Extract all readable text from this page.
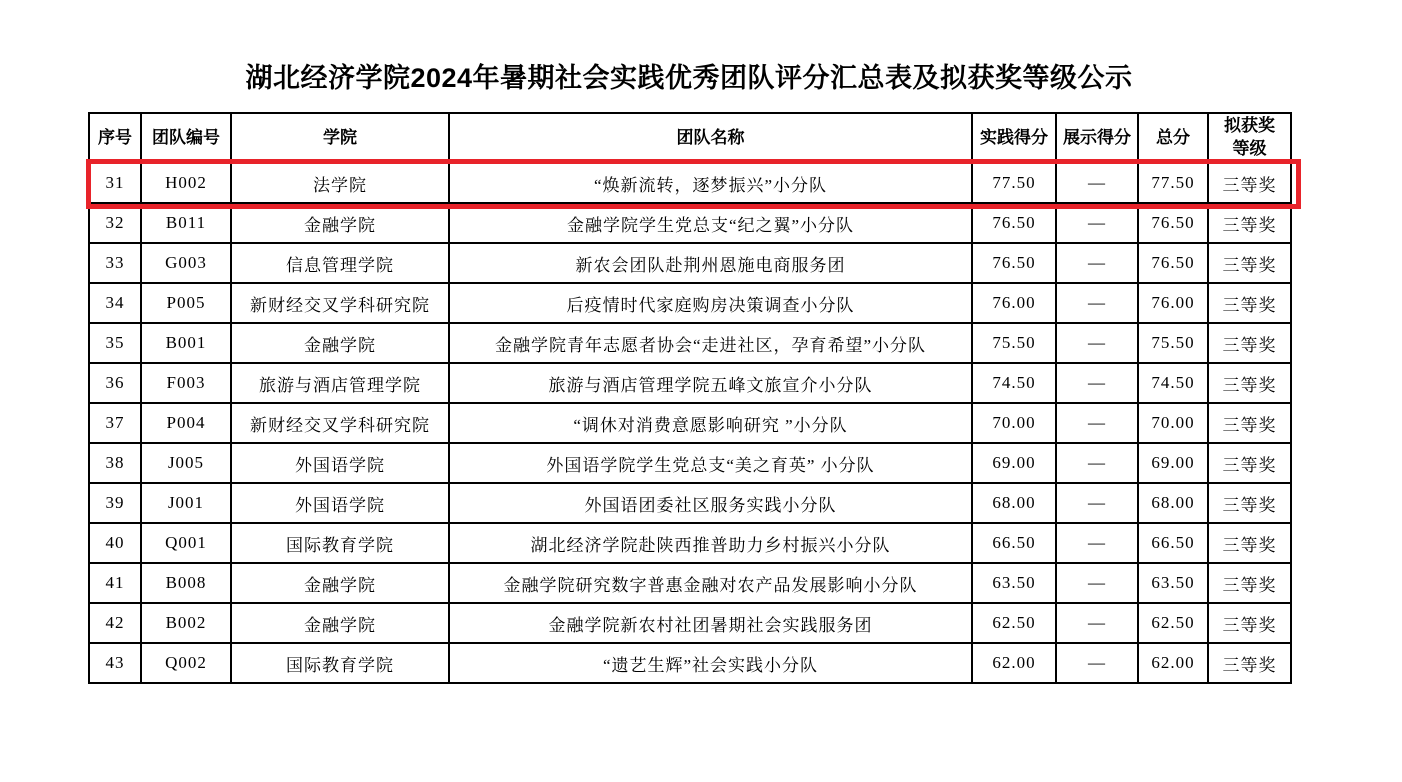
湖北经济学院2024年暑期社会实践优秀团队评分汇总表及拟获奖等级公示
序号	团队编号	学院	团队名称	实践得分	展示得分	总分	拟获奖等级
31	H002	法学院	“焕新流转，逐梦振兴”小分队	77.50	—	77.50	三等奖
32	B011	金融学院	金融学院学生党总支“纪之翼”小分队	76.50	—	76.50	三等奖
33	G003	信息管理学院	新农会团队赴荆州恩施电商服务团	76.50	—	76.50	三等奖
34	P005	新财经交叉学科研究院	后疫情时代家庭购房决策调查小分队	76.00	—	76.00	三等奖
35	B001	金融学院	金融学院青年志愿者协会“走进社区，孕育希望”小分队	75.50	—	75.50	三等奖
36	F003	旅游与酒店管理学院	旅游与酒店管理学院五峰文旅宣介小分队	74.50	—	74.50	三等奖
37	P004	新财经交叉学科研究院	“调休对消费意愿影响研究 ”小分队	70.00	—	70.00	三等奖
38	J005	外国语学院	外国语学院学生党总支“美之育英” 小分队	69.00	—	69.00	三等奖
39	J001	外国语学院	外国语团委社区服务实践小分队	68.00	—	68.00	三等奖
40	Q001	国际教育学院	湖北经济学院赴陕西推普助力乡村振兴小分队	66.50	—	66.50	三等奖
41	B008	金融学院	金融学院研究数字普惠金融对农产品发展影响小分队	63.50	—	63.50	三等奖
42	B002	金融学院	金融学院新农村社团暑期社会实践服务团	62.50	—	62.50	三等奖
43	Q002	国际教育学院	“遗艺生辉”社会实践小分队	62.00	—	62.00	三等奖
